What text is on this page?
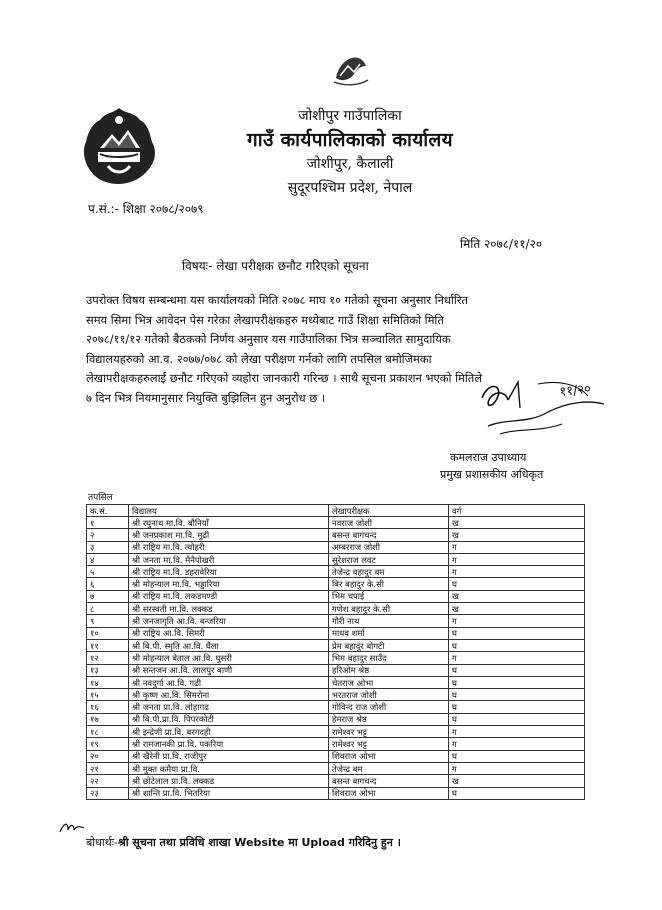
जोशीपुर गाउँपालिका
गाउँ कार्यपालिकाको कार्यालय
जोशीपुर, कैलाली
सुदूरपश्चिम प्रदेश, नेपाल
प.सं.:- शिक्षा २०७८/२०७९
मिति २०७८/११/२०
विषयः- लेखा परीक्षक छनौट गरिएको सूचना
उपरोक्त विषय सम्बन्धमा यस कार्यालयको मिति २०७८ माघ १० गतेको सूचना अनुसार निर्धारित
समय सिमा भित्र आवेदन पेस गरेका लेखापरीक्षकहरु मध्येबाट गाउँ शिक्षा समितिको मिति
२०७८/११/१२ गतेको बैठकको निर्णय अनुसार यस गाउँपालिका भित्र सञ्चालित सामुदायिक
विद्यालयहरुको आ.व. २०७७/०७८ को लेखा परीक्षण गर्नको लागि तपसिल बमोजिमका
लेखापरीक्षकहरुलाई छनौट गरिएको व्यहोरा जानकारी गरिन्छ । साथै सूचना प्रकाशन भएको मितिले
७ दिन भित्र नियमानुसार नियुक्ति बुझिलिन हुन अनुरोध छ ।	११/२०
कमलराज उपाध्याय
प्रमुख प्रशासकीय अधिकृत
तपसिल
क.सं.	विद्यालय	लेखापरीक्षक	वर्ग
१	श्री रघुनाथ मा.वि. बौनियाँ	नवराज जोशी	ख
२	श्री जनप्रकाश मा.वि. मुढी	बसन्त बागचन्द	ख
३	श्री राष्ट्रिय मा.वि. त्योहरी	अम्बरराज जोशी	ग
४	श्री जनता मा.वि. मैनैपोखरी	सुरेशराज लवट	ग
५	श्री राष्ट्रिय मा.वि. डहरावेरिया	तेजेन्द्र बहादुर बम	ग
६	श्री मोहन्याल मा.वि. भड्डारिया	बिर बहादुर के.सी	घ
७	श्री राष्ट्रिय मा.वि. लकडमण्डी	भिम चपाई	ख
८	श्री सरस्वती मा.वि. लक्कड	गणेश बहादुर के.सी	ख
९	श्री जनजागृति आ.वि. बन्जरिया	गौरी नाथ	ग
१०	श्री राष्ट्रिय आ.वि. सिमरी	माधव शर्मा	घ
११	श्री बि.पी. स्मृति आ.वि. घैला	प्रेम बहादुर बोगटी	घ
१२	श्री मोहन्याल बेताल आ.वि. घुसरी	भिम बहादुर साउँद	ग
१३	श्री सन्तजन आ.वि. लालपुर बाणी	हरिओम श्रेष्ठ	घ
१४	श्री नवदुर्गा आ.वि. गढी	चेतराज ओभा	घ
१५	श्री कृष्ण आ.वि. सिमरोना	भरतराज जोशी	घ
१६	श्री जनता प्रा.वि. लोहागढ	गोविन्द राज जोशी	घ
१७	श्री बि.पी.प्रा.वि. पिपरकोटी	हेमराज श्रेष्ठ	घ
१८	श्री इन्द्रेणी प्रा.वि. बरगदही	रामेश्वर भट्ट	ग
१९	श्री रामजानकी प्रा.वि. पकरिया	रामेश्वर भट्ट	ग
२०	श्री खैरेनी प्रा.वि. राजीपुर	शिवराज ओभा	घ
२१	श्री मुक्त कमैया प्रा.वि.	तेजेन्द्र बम	ग
२२	श्री छोटेलाल प्रा.वि. लक्कड	बसन्त बागचन्द	ख
२३	श्री शान्ति प्रा.वि. भितरिया	शिवराज ओभा	घ
बोधार्थः-श्री सूचना तथा प्रविधि शाखा Website मा Upload गरिदिनु हुन ।
